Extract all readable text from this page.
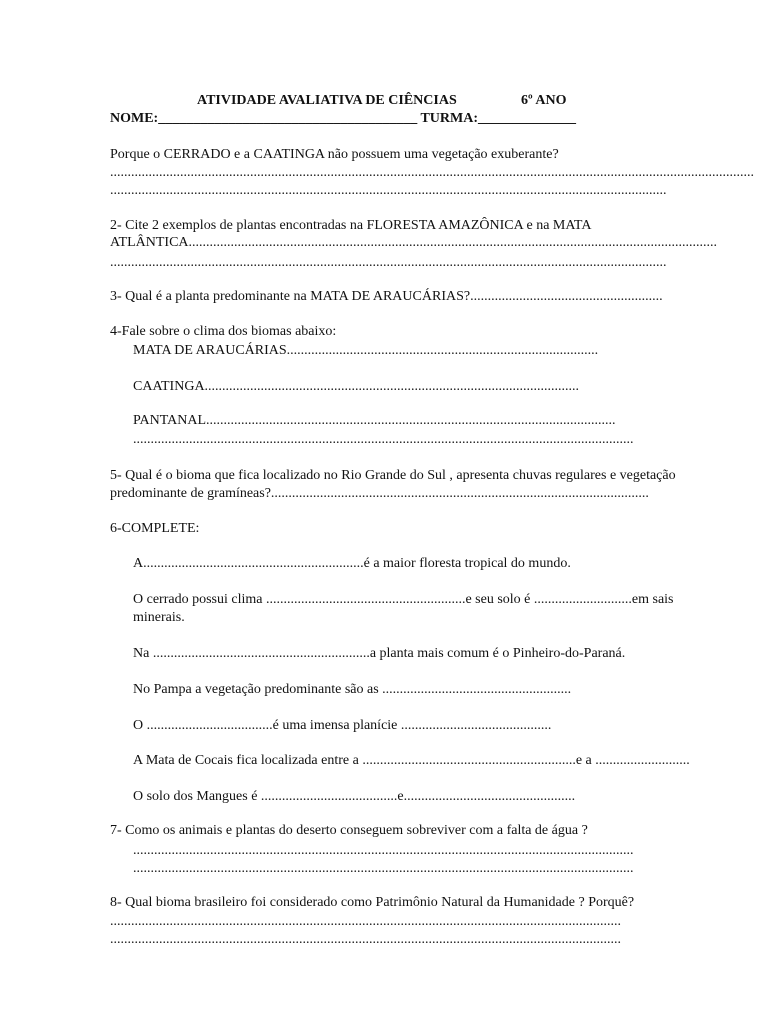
ATIVIDADE AVALIATIVA DE CIÊNCIAS	6º ANO
NOME:_____________________________________ TURMA:______________
Porque o CERRADO e a CAATINGA não possuem uma vegetação exuberante?
........................................................................................................................................................................................
...............................................................................................................................................................
2- Cite 2 exemplos de plantas encontradas na FLORESTA AMAZÔNICA e na MATA
ATLÂNTICA.......................................................................................................................................................
...............................................................................................................................................................
3- Qual é a planta predominante na MATA DE ARAUCÁRIAS?.......................................................
4-Fale sobre o clima dos biomas abaixo:
MATA DE ARAUCÁRIAS.........................................................................................
CAATINGA...........................................................................................................
PANTANAL.....................................................................................................................
...............................................................................................................................................
5- Qual é o bioma que fica localizado no Rio Grande do Sul , apresenta chuvas regulares e vegetação
predominante de gramíneas?............................................................................................................
6-COMPLETE:
A...............................................................é a maior floresta tropical do mundo.
O cerrado possui clima .........................................................e seu solo é ............................em sais
minerais.
Na ..............................................................a planta mais comum é o Pinheiro-do-Paraná.
No Pampa a vegetação predominante são as ......................................................
O ....................................é uma imensa planície ...........................................
A Mata de Cocais fica localizada entre a .............................................................e a ...........................
O solo dos Mangues é .......................................e.................................................
7- Como os animais e plantas do deserto conseguem sobreviver com a falta de água ?
...............................................................................................................................................
...............................................................................................................................................
8- Qual bioma brasileiro foi considerado como Patrimônio Natural da Humanidade ? Porquê?
..................................................................................................................................................
..................................................................................................................................................
